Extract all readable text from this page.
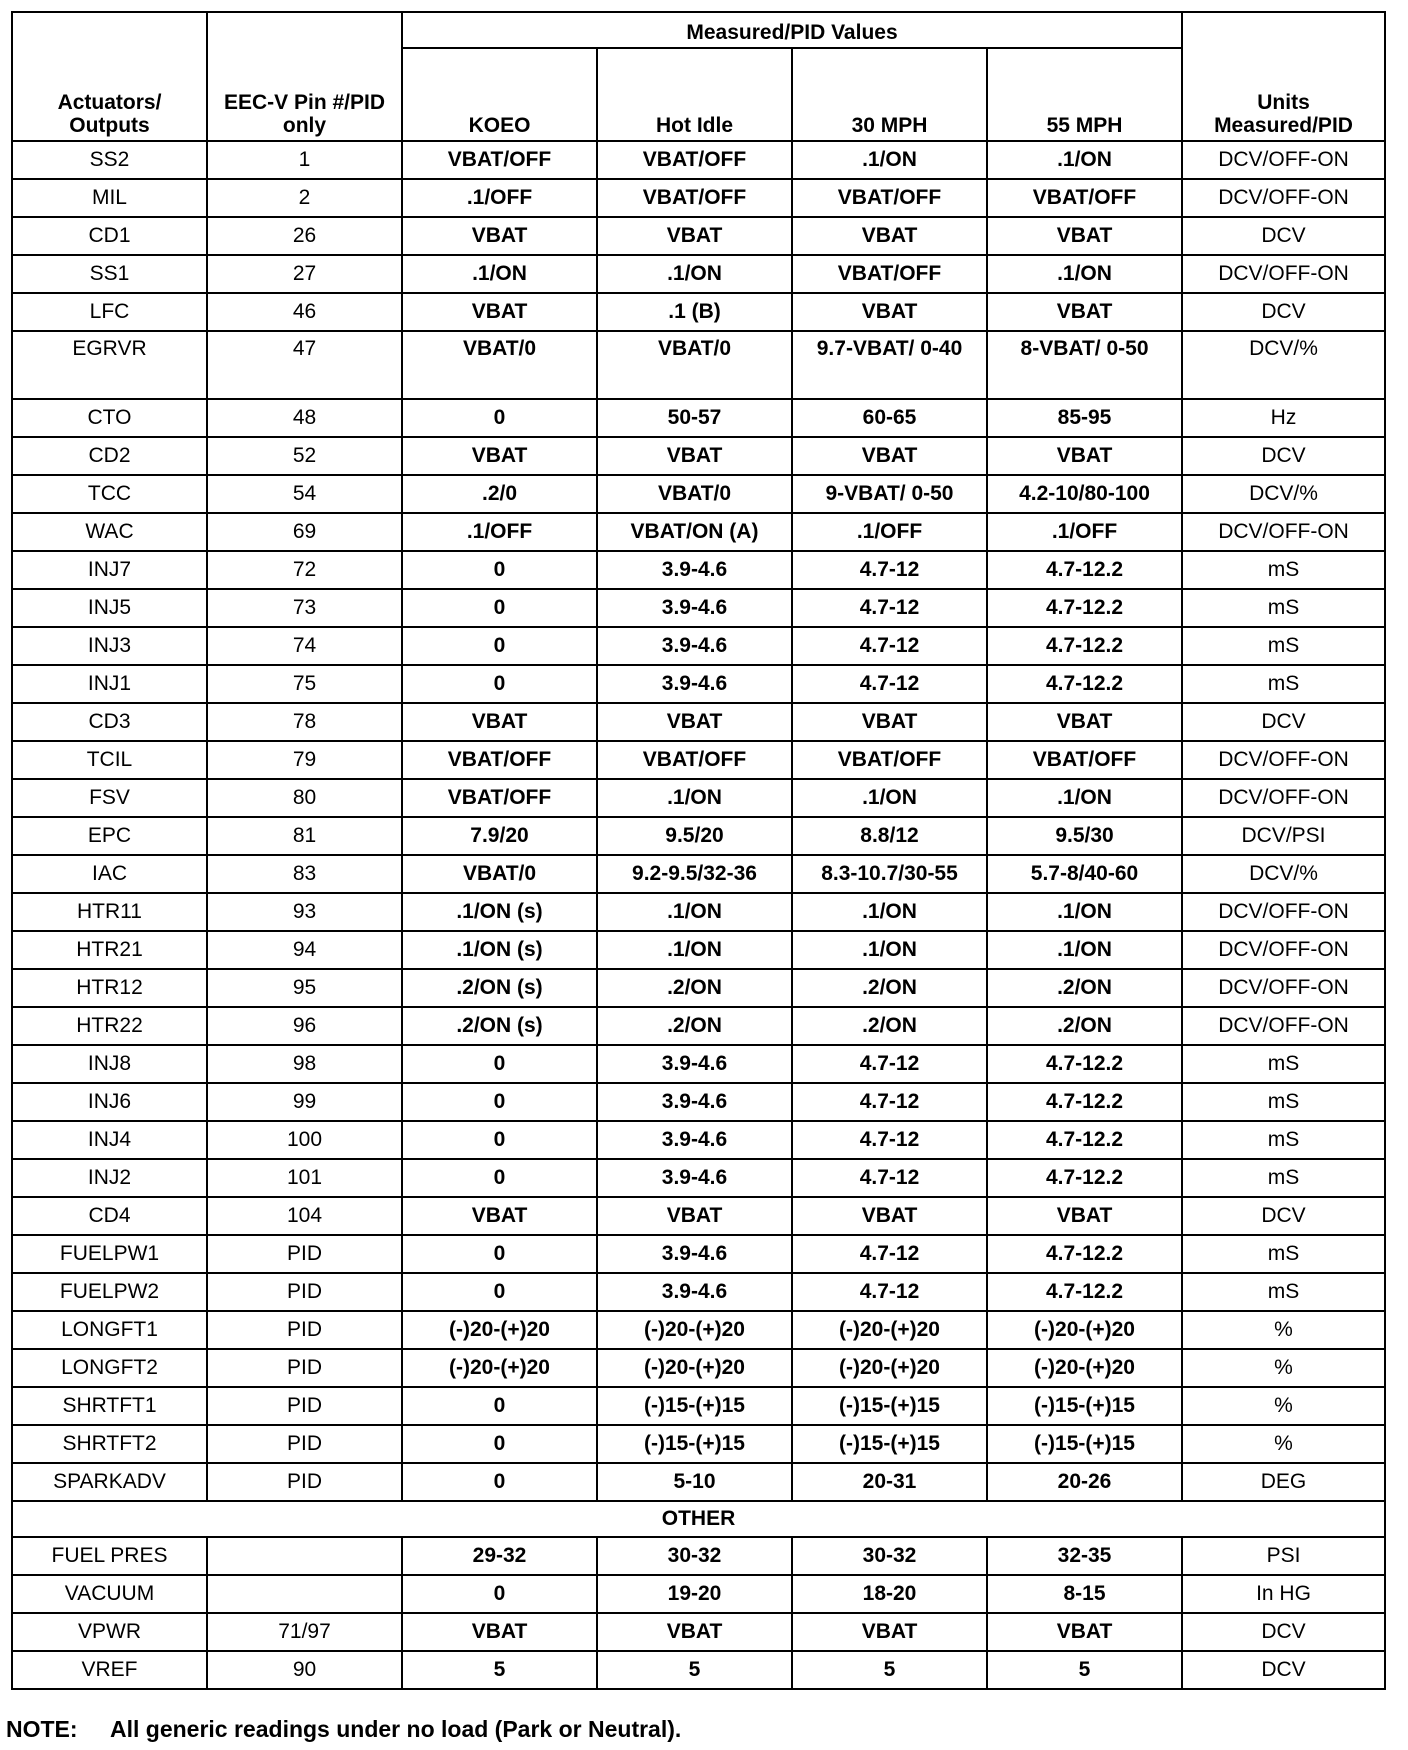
Actuators/ Outputs	EEC-V Pin #/PID only	Measured/PID Values				Units Measured/PID
		KOEO	Hot Idle	30 MPH	55 MPH	
SS2	1	VBAT/OFF	VBAT/OFF	.1/ON	.1/ON	DCV/OFF-ON
MIL	2	.1/OFF	VBAT/OFF	VBAT/OFF	VBAT/OFF	DCV/OFF-ON
CD1	26	VBAT	VBAT	VBAT	VBAT	DCV
SS1	27	.1/ON	.1/ON	VBAT/OFF	.1/ON	DCV/OFF-ON
LFC	46	VBAT	.1 (B)	VBAT	VBAT	DCV
EGRVR	47	VBAT/0	VBAT/0	9.7-VBAT/ 0-40	8-VBAT/ 0-50	DCV/%
CTO	48	0	50-57	60-65	85-95	Hz
CD2	52	VBAT	VBAT	VBAT	VBAT	DCV
TCC	54	.2/0	VBAT/0	9-VBAT/ 0-50	4.2-10/80-100	DCV/%
WAC	69	.1/OFF	VBAT/ON (A)	.1/OFF	.1/OFF	DCV/OFF-ON
INJ7	72	0	3.9-4.6	4.7-12	4.7-12.2	mS
INJ5	73	0	3.9-4.6	4.7-12	4.7-12.2	mS
INJ3	74	0	3.9-4.6	4.7-12	4.7-12.2	mS
INJ1	75	0	3.9-4.6	4.7-12	4.7-12.2	mS
CD3	78	VBAT	VBAT	VBAT	VBAT	DCV
TCIL	79	VBAT/OFF	VBAT/OFF	VBAT/OFF	VBAT/OFF	DCV/OFF-ON
FSV	80	VBAT/OFF	.1/ON	.1/ON	.1/ON	DCV/OFF-ON
EPC	81	7.9/20	9.5/20	8.8/12	9.5/30	DCV/PSI
IAC	83	VBAT/0	9.2-9.5/32-36	8.3-10.7/30-55	5.7-8/40-60	DCV/%
HTR11	93	.1/ON (s)	.1/ON	.1/ON	.1/ON	DCV/OFF-ON
HTR21	94	.1/ON (s)	.1/ON	.1/ON	.1/ON	DCV/OFF-ON
HTR12	95	.2/ON (s)	.2/ON	.2/ON	.2/ON	DCV/OFF-ON
HTR22	96	.2/ON (s)	.2/ON	.2/ON	.2/ON	DCV/OFF-ON
INJ8	98	0	3.9-4.6	4.7-12	4.7-12.2	mS
INJ6	99	0	3.9-4.6	4.7-12	4.7-12.2	mS
INJ4	100	0	3.9-4.6	4.7-12	4.7-12.2	mS
INJ2	101	0	3.9-4.6	4.7-12	4.7-12.2	mS
CD4	104	VBAT	VBAT	VBAT	VBAT	DCV
FUELPW1	PID	0	3.9-4.6	4.7-12	4.7-12.2	mS
FUELPW2	PID	0	3.9-4.6	4.7-12	4.7-12.2	mS
LONGFT1	PID	(-)20-(+)20	(-)20-(+)20	(-)20-(+)20	(-)20-(+)20	%
LONGFT2	PID	(-)20-(+)20	(-)20-(+)20	(-)20-(+)20	(-)20-(+)20	%
SHRTFT1	PID	0	(-)15-(+)15	(-)15-(+)15	(-)15-(+)15	%
SHRTFT2	PID	0	(-)15-(+)15	(-)15-(+)15	(-)15-(+)15	%
SPARKADV	PID	0	5-10	20-31	20-26	DEG
OTHER						
FUEL PRES		29-32	30-32	30-32	32-35	PSI
VACUUM		0	19-20	18-20	8-15	In HG
VPWR	71/97	VBAT	VBAT	VBAT	VBAT	DCV
VREF	90	5	5	5	5	DCV
NOTE: All generic readings under no load (Park or Neutral).
